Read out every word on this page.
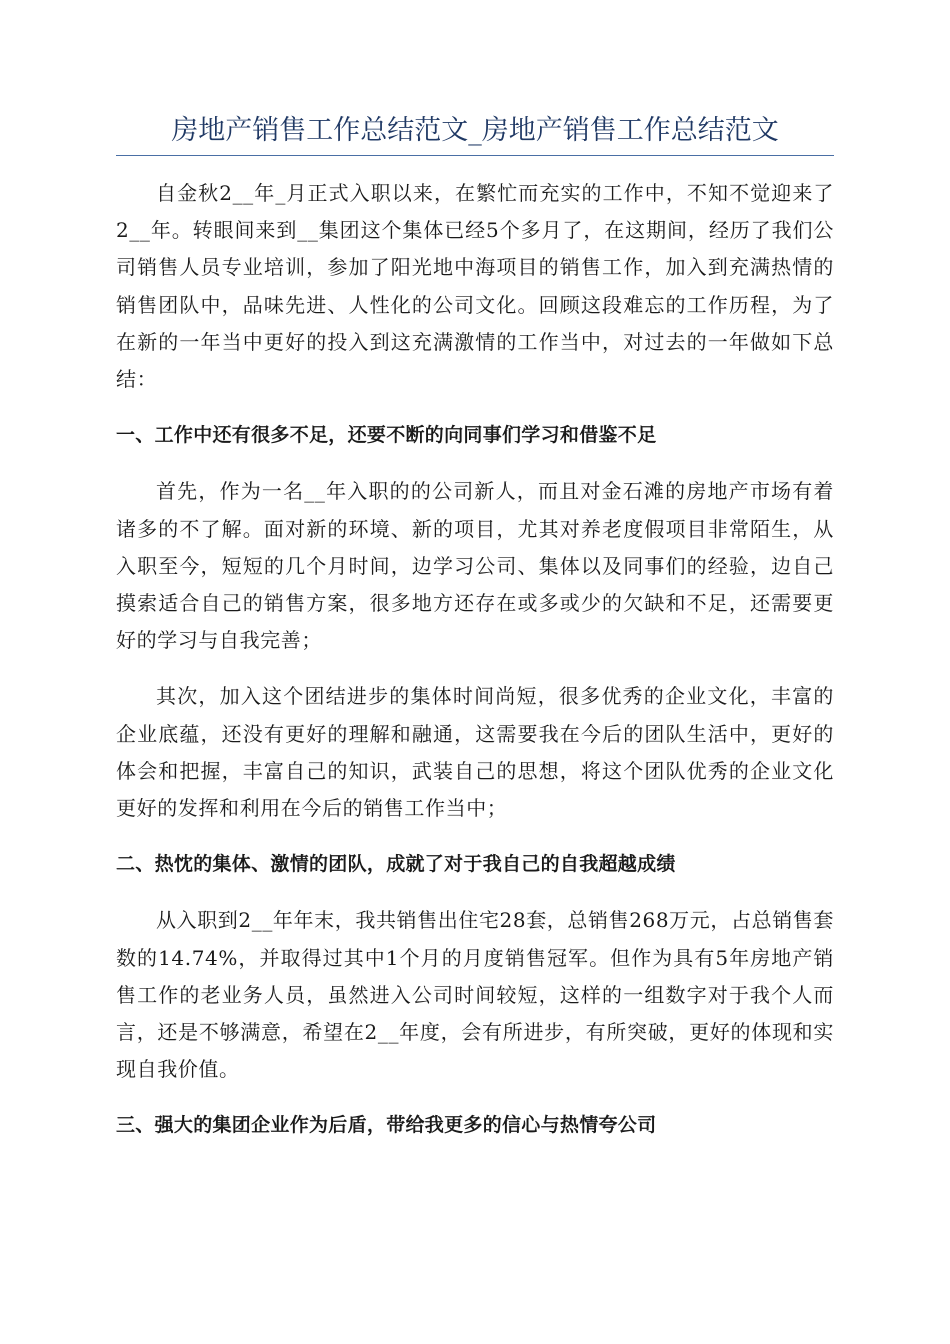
房地产销售工作总结范文_房地产销售工作总结范文

自金秋2__年_月正式入职以来，在繁忙而充实的工作中，不知不觉迎来了2__年。转眼间来到__集团这个集体已经5个多月了，在这期间，经历了我们公司销售人员专业培训，参加了阳光地中海项目的销售工作，加入到充满热情的销售团队中，品味先进、人性化的公司文化。回顾这段难忘的工作历程，为了在新的一年当中更好的投入到这充满激情的工作当中，对过去的一年做如下总结：

一、工作中还有很多不足，还要不断的向同事们学习和借鉴不足

首先，作为一名__年入职的的公司新人，而且对金石滩的房地产市场有着诸多的不了解。面对新的环境、新的项目，尤其对养老度假项目非常陌生，从入职至今，短短的几个月时间，边学习公司、集体以及同事们的经验，边自己摸索适合自己的销售方案，很多地方还存在或多或少的欠缺和不足，还需要更好的学习与自我完善；

其次，加入这个团结进步的集体时间尚短，很多优秀的企业文化，丰富的企业底蕴，还没有更好的理解和融通，这需要我在今后的团队生活中，更好的体会和把握，丰富自己的知识，武装自己的思想，将这个团队优秀的企业文化更好的发挥和利用在今后的销售工作当中；

二、热忱的集体、激情的团队，成就了对于我自己的自我超越成绩

从入职到2__年年末，我共销售出住宅28套，总销售268万元，占总销售套数的14.74%，并取得过其中1个月的月度销售冠军。但作为具有5年房地产销售工作的老业务人员，虽然进入公司时间较短，这样的一组数字对于我个人而言，还是不够满意，希望在2__年度，会有所进步，有所突破，更好的体现和实现自我价值。

三、强大的集团企业作为后盾，带给我更多的信心与热情夸公司
